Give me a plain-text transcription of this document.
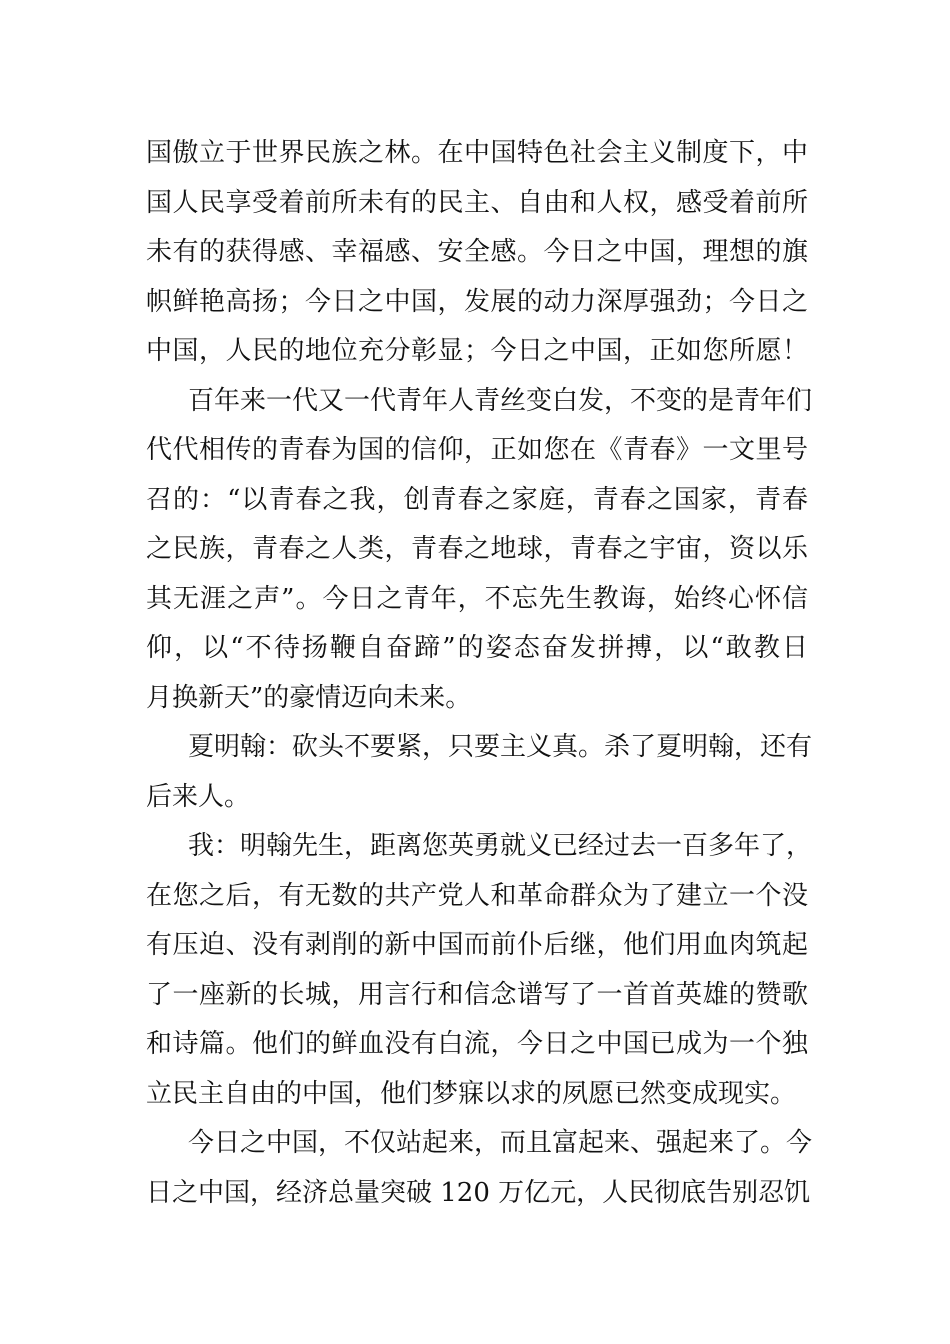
国傲立于世界民族之林。在中国特色社会主义制度下，中
国人民享受着前所未有的民主、自由和人权，感受着前所
未有的获得感、幸福感、安全感。今日之中国，理想的旗
帜鲜艳高扬；今日之中国，发展的动力深厚强劲；今日之
中国，人民的地位充分彰显；今日之中国，正如您所愿！
百年来一代又一代青年人青丝变白发，不变的是青年们
代代相传的青春为国的信仰，正如您在《青春》一文里号
召的：“以青春之我，创青春之家庭，青春之国家，青春
之民族，青春之人类，青春之地球，青春之宇宙，资以乐
其无涯之声”。今日之青年，不忘先生教诲，始终心怀信
仰，以“不待扬鞭自奋蹄”的姿态奋发拼搏，以“敢教日
月换新天”的豪情迈向未来。
夏明翰：砍头不要紧，只要主义真。杀了夏明翰，还有
后来人。
我：明翰先生，距离您英勇就义已经过去一百多年了，
在您之后，有无数的共产党人和革命群众为了建立一个没
有压迫、没有剥削的新中国而前仆后继，他们用血肉筑起
了一座新的长城，用言行和信念谱写了一首首英雄的赞歌
和诗篇。他们的鲜血没有白流，今日之中国已成为一个独
立民主自由的中国，他们梦寐以求的夙愿已然变成现实。
今日之中国，不仅站起来，而且富起来、强起来了。今
日之中国，经济总量突破 120 万亿元，人民彻底告别忍饥
